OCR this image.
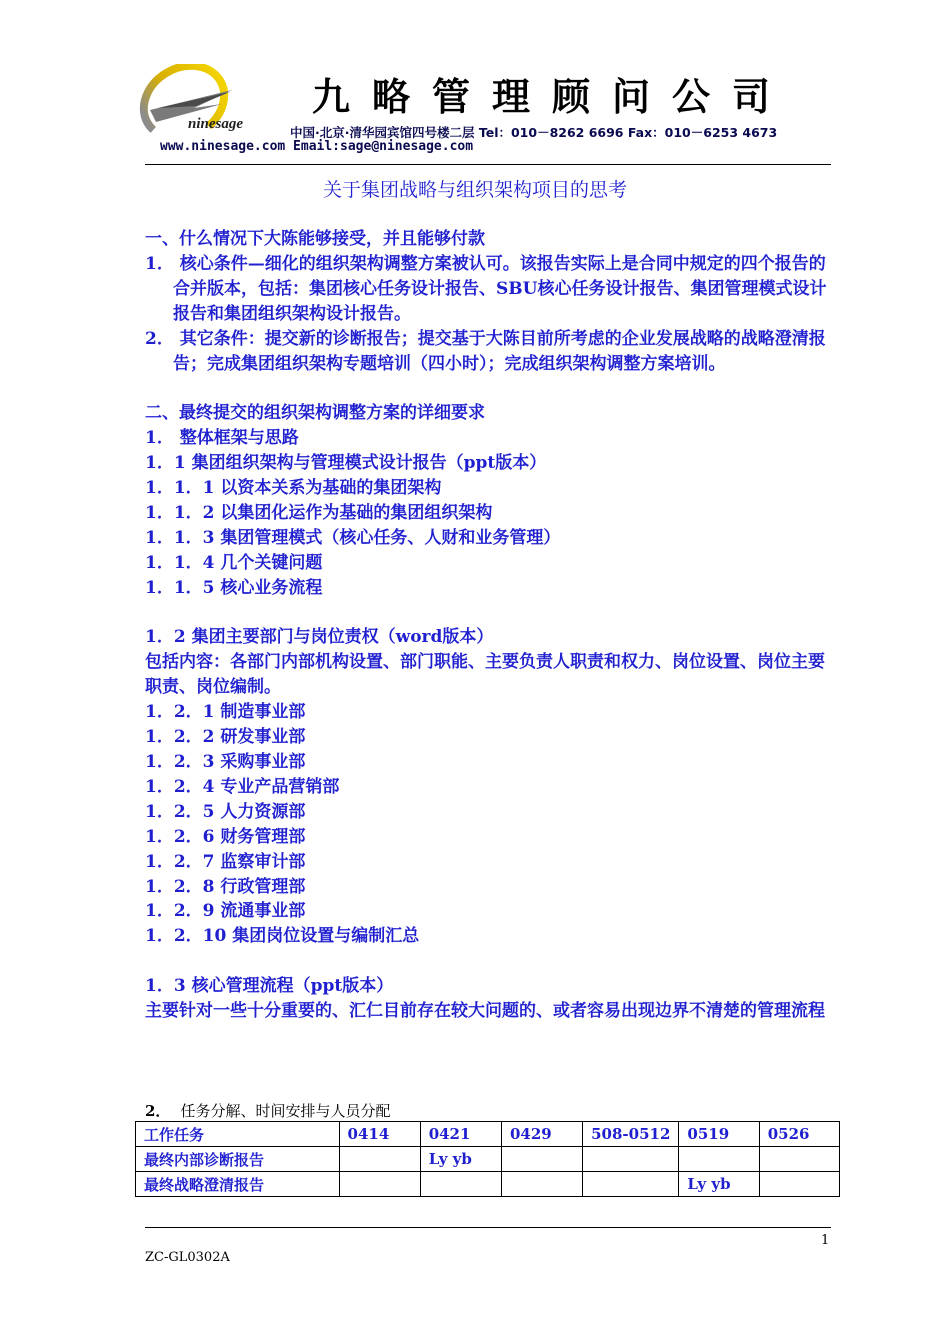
ninesage
九略管理顾问公司
中国·北京·清华园宾馆四号楼二层 Tel：010－8262 6696 Fax：010－6253 4673
www.ninesage.com Email:sage@ninesage.com
关于集团战略与组织架构项目的思考

一、什么情况下大陈能够接受，并且能够付款

1． 核心条件—细化的组织架构调整方案被认可。该报告实际上是合同中规定的四个报告的合并版本，包括：集团核心任务设计报告、SBU核心任务设计报告、集团管理模式设计报告和集团组织架构设计报告。

2． 其它条件：提交新的诊断报告；提交基于大陈目前所考虑的企业发展战略的战略澄清报告；完成集团组织架构专题培训（四小时）；完成组织架构调整方案培训。

二、最终提交的组织架构调整方案的详细要求

1． 整体框架与思路

1．1 集团组织架构与管理模式设计报告（ppt版本）

1．1．1 以资本关系为基础的集团架构

1．1．2 以集团化运作为基础的集团组织架构

1．1．3 集团管理模式（核心任务、人财和业务管理）

1．1．4 几个关键问题

1．1．5 核心业务流程

1．2 集团主要部门与岗位责权（word版本）

包括内容：各部门内部机构设置、部门职能、主要负责人职责和权力、岗位设置、岗位主要职责、岗位编制。

1．2．1 制造事业部

1．2．2 研发事业部

1．2．3 采购事业部

1．2．4 专业产品营销部

1．2．5 人力资源部

1．2．6 财务管理部

1．2．7 监察审计部

1．2．8 行政管理部

1．2．9 流通事业部

1．2．10 集团岗位设置与编制汇总

1．3 核心管理流程（ppt版本）

主要针对一些十分重要的、汇仁目前存在较大问题的、或者容易出现边界不清楚的管理流程

2． 任务分解、时间安排与人员分配
工作任务	0414	0421	0429	508-0512	0519	0526
最终内部诊断报告		Ly yb				
最终战略澄清报告					Ly yb	
1
ZC-GL0302A
